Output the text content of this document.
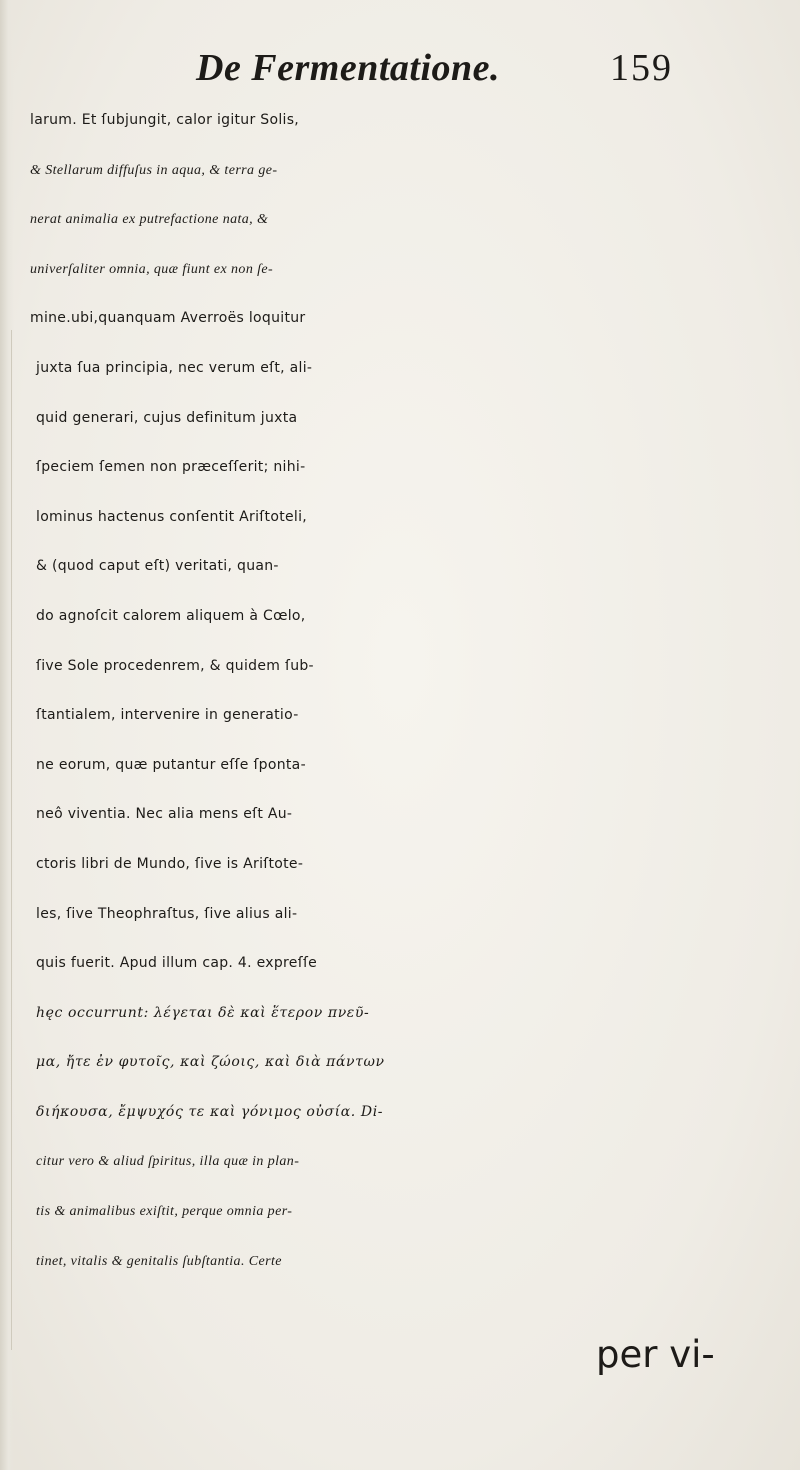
De Fermentatione.	159
larum. Et ſubjungit, calor igitur Solis,
& Stellarum diffuſus in aqua, & terra ge-
nerat animalia ex putrefactione nata, &
univerſaliter omnia, quæ fiunt ex non ſe-
mine.ubi,quanquam Averroës loquitur
juxta ſua principia, nec verum eſt, ali-
quid generari, cujus definitum juxta
ſpeciem ſemen non præceſſerit; nihi-
lominus hactenus conſentit Ariſtoteli,
& (quod caput eſt) veritati, quan-
do agnoſcit calorem aliquem à Cœlo,
ſive Sole procedenrem, & quidem ſub-
ſtantialem, intervenire in generatio-
ne eorum, quæ putantur eſſe ſponta-
neô viventia. Nec alia mens eſt Au-
ctoris libri de Mundo, ſive is Ariſtote-
les, ſive Theophraſtus, ſive alius ali-
quis fuerit. Apud illum cap. 4. expreſſe
hęc occurrunt: λέγεται δὲ καὶ ἕτερον πνεῦ-
μα, ἤτε ἐν φυτοῖς, καὶ ζώοις, καὶ διὰ πάντων
διήκουσα, ἔμψυχός τε καὶ γόνιμος οὐσία. Di-
citur vero & aliud ſpiritus, illa quæ in plan-
tis & animalibus exiſtit, perque omnia per-
tinet, vitalis & genitalis ſubſtantia. Certe
per vi-
